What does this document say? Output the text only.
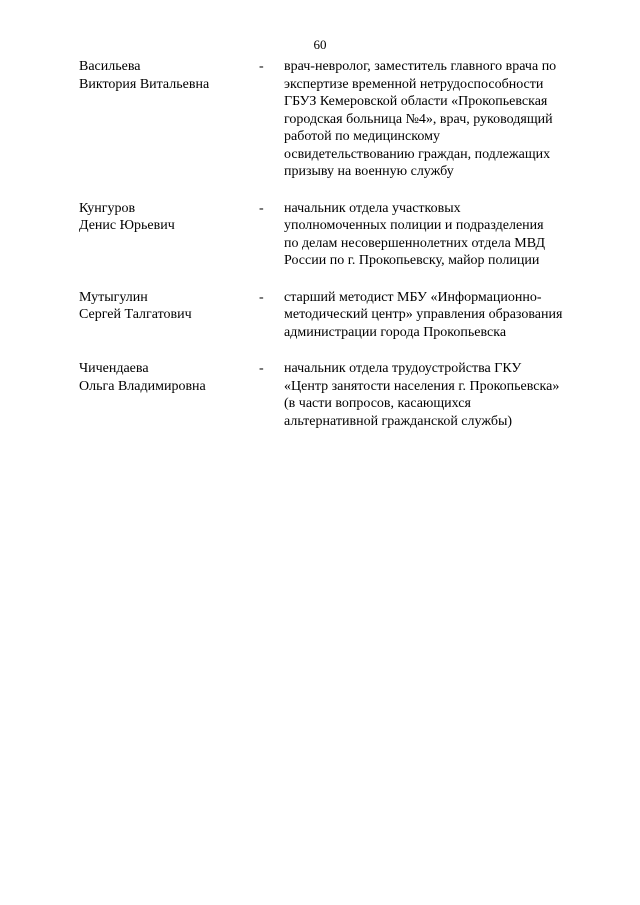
60
Васильева
Виктория Витальевна
- врач-невролог, заместитель главного врача по
экспертизе временной нетрудоспособности
ГБУЗ Кемеровской области «Прокопьевская
городская больница №4», врач, руководящий
работой по медицинскому
освидетельствованию граждан, подлежащих
призыву на военную службу
Кунгуров
Денис Юрьевич
- начальник отдела участковых
уполномоченных полиции и подразделения
по делам несовершеннолетних отдела МВД
России по г. Прокопьевску, майор полиции
Мутыгулин
Сергей Талгатович
- старший методист МБУ «Информационно-
методический центр» управления образования
администрации города Прокопьевска
Чичендаева
Ольга Владимировна
- начальник отдела трудоустройства ГКУ
«Центр занятости населения г. Прокопьевска»
(в части вопросов, касающихся
альтернативной гражданской службы)
